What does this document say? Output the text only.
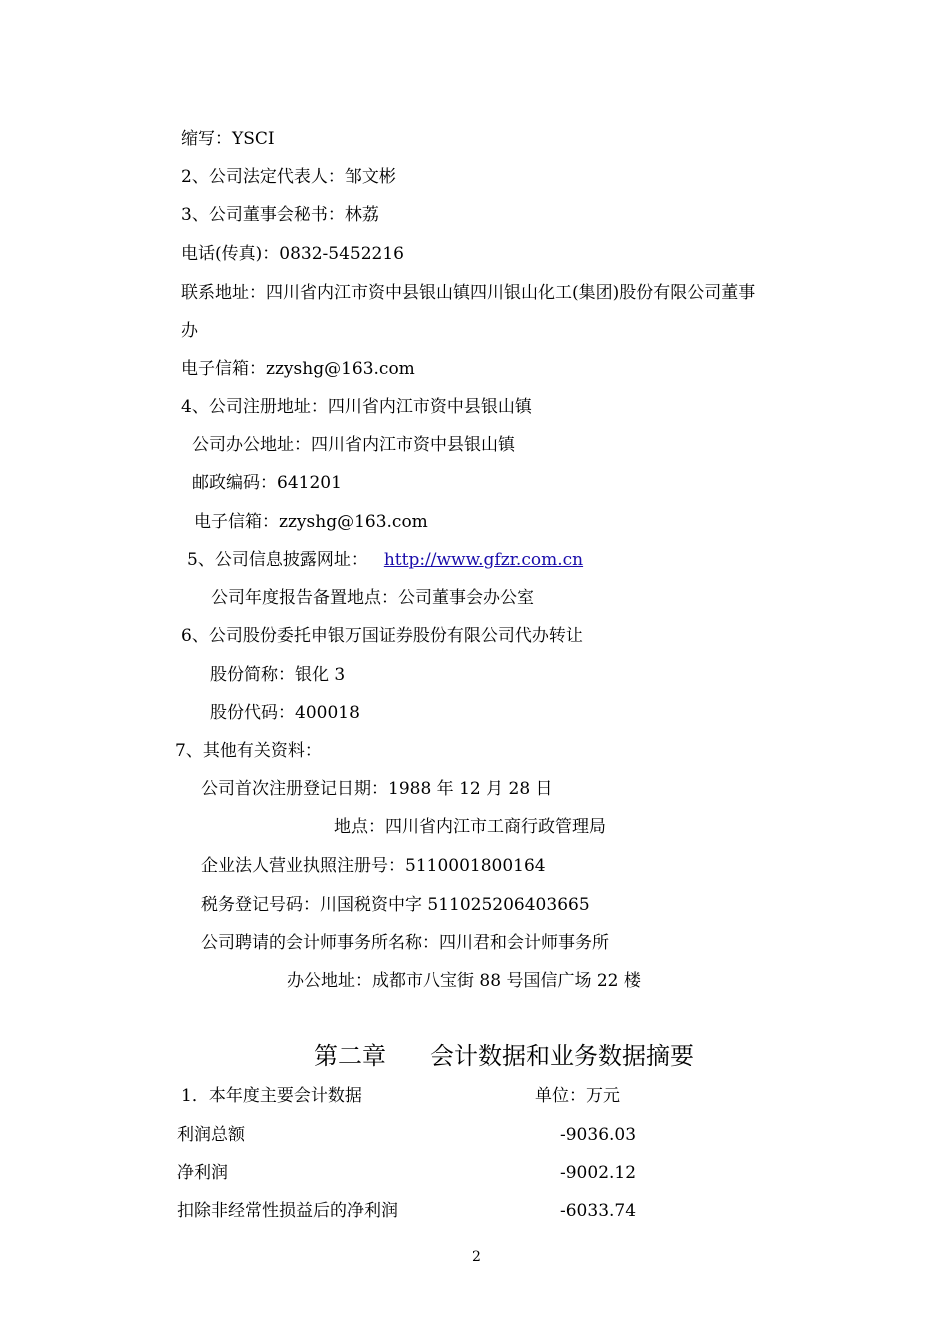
缩写：YSCI
2、公司法定代表人：邹文彬
3、公司董事会秘书：林荔
电话(传真)：0832-5452216
联系地址：四川省内江市资中县银山镇四川银山化工(集团)股份有限公司董事
办
电子信箱：zzyshg@163.com
4、公司注册地址：四川省内江市资中县银山镇
公司办公地址：四川省内江市资中县银山镇
邮政编码：641201
电子信箱：zzyshg@163.com
5、公司信息披露网址： http://www.gfzr.com.cn
公司年度报告备置地点：公司董事会办公室
6、公司股份委托申银万国证券股份有限公司代办转让
股份简称：银化 3
股份代码：400018
7、其他有关资料：
公司首次注册登记日期：1988 年 12 月 28 日
地点：四川省内江市工商行政管理局
企业法人营业执照注册号：5110001800164
税务登记号码：川国税资中字 511025206403665
公司聘请的会计师事务所名称：四川君和会计师事务所
办公地址：成都市八宝街 88 号国信广场 22 楼
第二章 会计数据和业务数据摘要
1．本年度主要会计数据	单位：万元
利润总额	-9036.03
净利润	-9002.12
扣除非经常性损益后的净利润	-6033.74
2
